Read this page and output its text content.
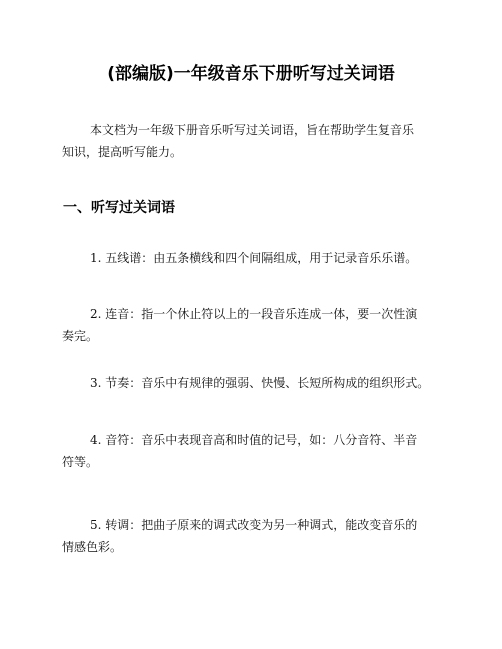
(部编版)一年级音乐下册听写过关词语
本文档为一年级下册音乐听写过关词语，旨在帮助学生复音乐
知识，提高听写能力。
一、听写过关词语
1. 五线谱：由五条横线和四个间隔组成，用于记录音乐乐谱。
2. 连音：指一个休止符以上的一段音乐连成一体，要一次性演
奏完。
3. 节奏：音乐中有规律的强弱、快慢、长短所构成的组织形式。
4. 音符：音乐中表现音高和时值的记号，如：八分音符、半音
符等。
5. 转调：把曲子原来的调式改变为另一种调式，能改变音乐的
情感色彩。
